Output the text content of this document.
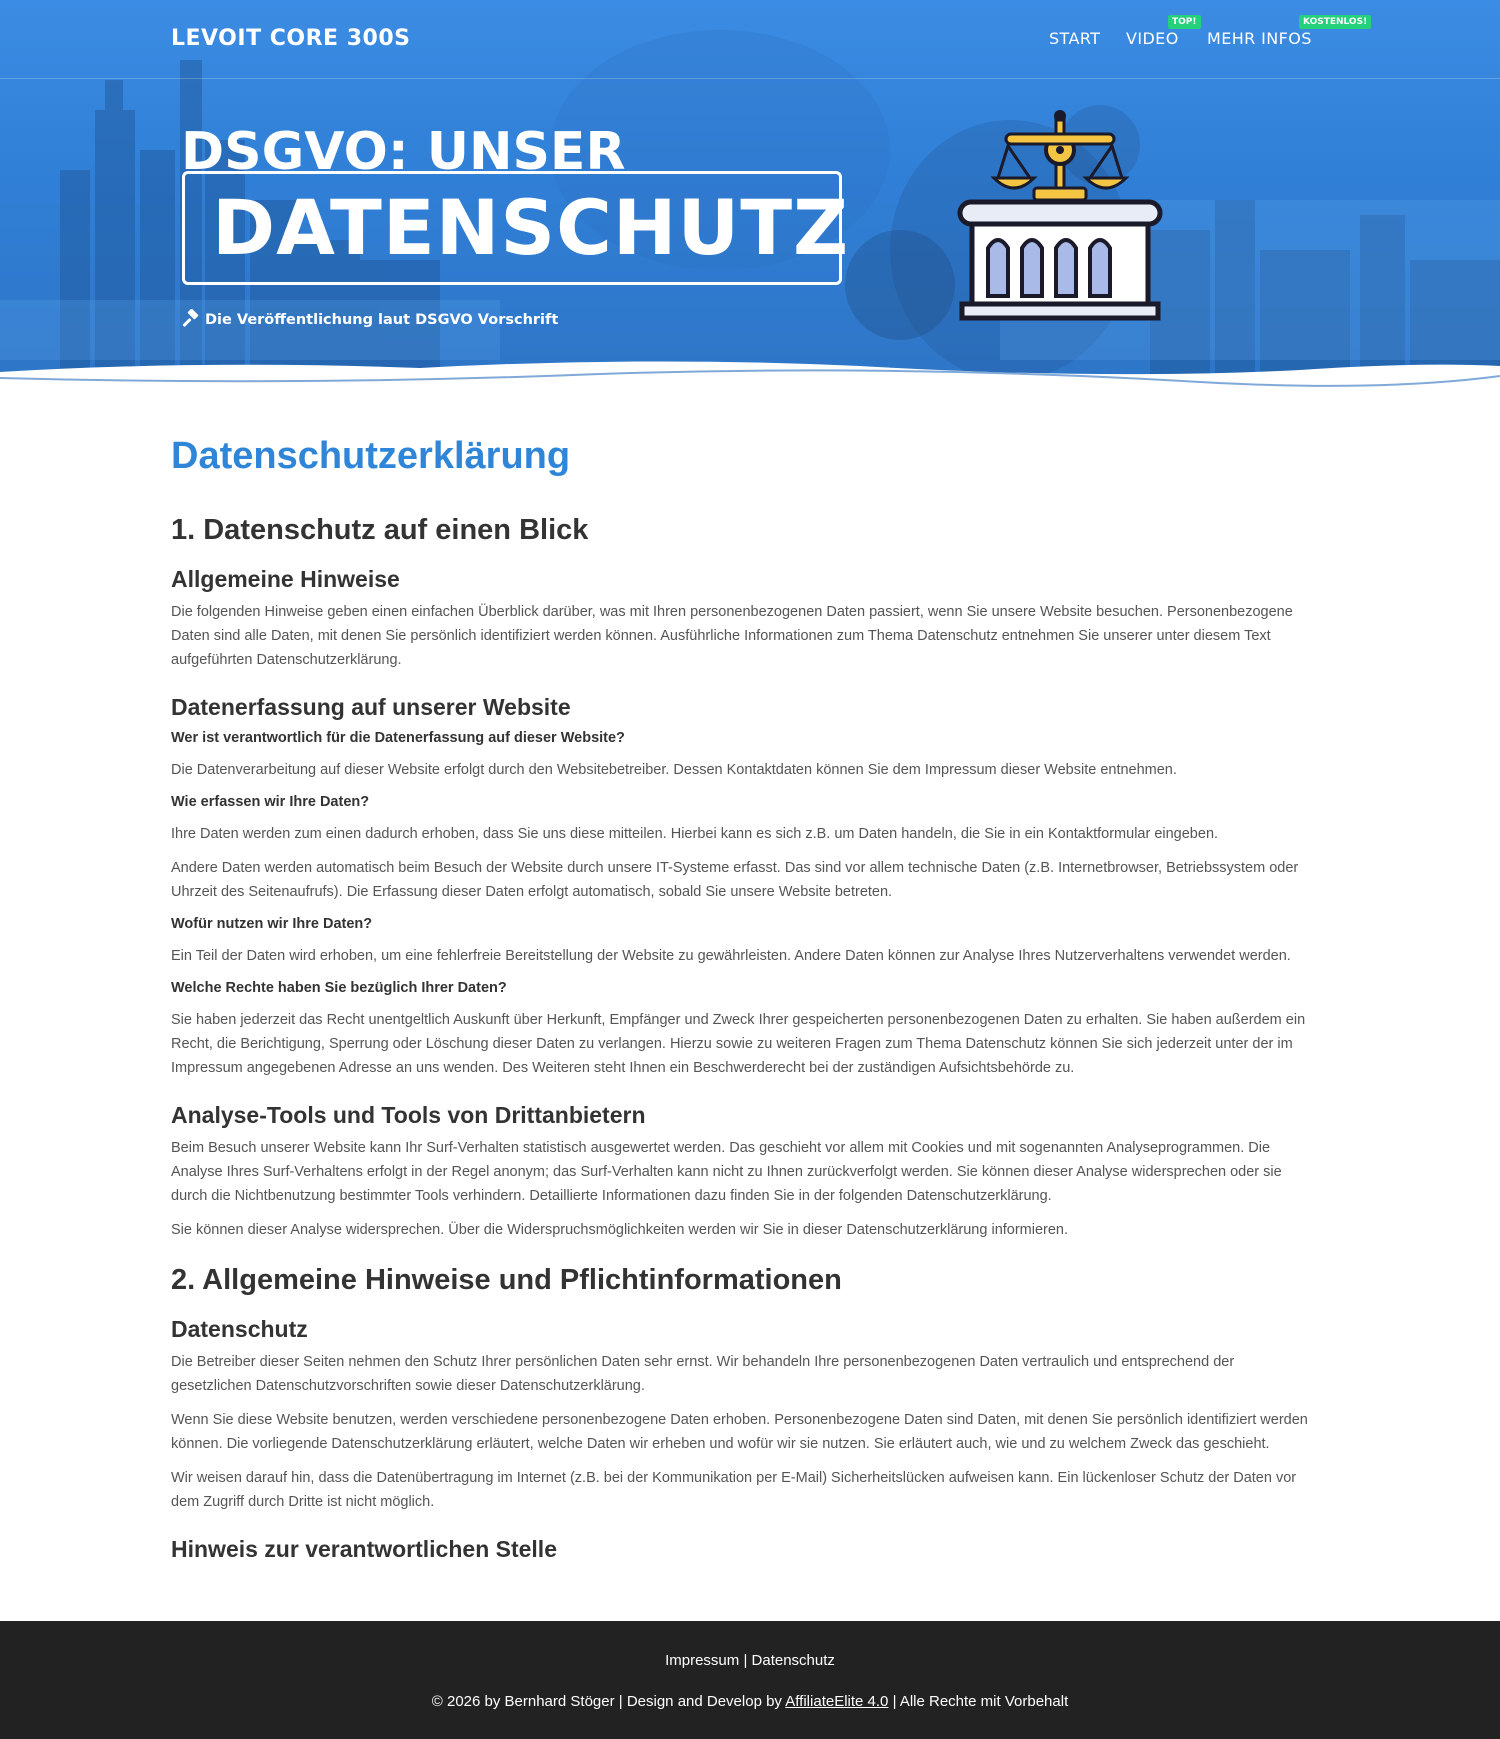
LEVOIT CORE 300S	START VIDEO
TOP!
MEHR INFOS
KOSTENLOS!
DSGVO: UNSER
DATENSCHUTZ
Die Veröffentlichung laut DSGVO Vorschrift
Datenschutzerklärung
1. Datenschutz auf einen Blick
Allgemeine Hinweise

Die folgenden Hinweise geben einen einfachen Überblick darüber, was mit Ihren personenbezogenen Daten passiert, wenn Sie unsere Website besuchen. Personenbezogene Daten sind alle Daten, mit denen Sie persönlich identifiziert werden können. Ausführliche Informationen zum Thema Datenschutz entnehmen Sie unserer unter diesem Text aufgeführten Datenschutzerklärung.

Datenerfassung auf unserer Website

Wer ist verantwortlich für die Datenerfassung auf dieser Website?

Die Datenverarbeitung auf dieser Website erfolgt durch den Websitebetreiber. Dessen Kontaktdaten können Sie dem Impressum dieser Website entnehmen.

Wie erfassen wir Ihre Daten?

Ihre Daten werden zum einen dadurch erhoben, dass Sie uns diese mitteilen. Hierbei kann es sich z.B. um Daten handeln, die Sie in ein Kontaktformular eingeben.

Andere Daten werden automatisch beim Besuch der Website durch unsere IT-Systeme erfasst. Das sind vor allem technische Daten (z.B. Internetbrowser, Betriebssystem oder Uhrzeit des Seitenaufrufs). Die Erfassung dieser Daten erfolgt automatisch, sobald Sie unsere Website betreten.

Wofür nutzen wir Ihre Daten?

Ein Teil der Daten wird erhoben, um eine fehlerfreie Bereitstellung der Website zu gewährleisten. Andere Daten können zur Analyse Ihres Nutzerverhaltens verwendet werden.

Welche Rechte haben Sie bezüglich Ihrer Daten?

Sie haben jederzeit das Recht unentgeltlich Auskunft über Herkunft, Empfänger und Zweck Ihrer gespeicherten personenbezogenen Daten zu erhalten. Sie haben außerdem ein Recht, die Berichtigung, Sperrung oder Löschung dieser Daten zu verlangen. Hierzu sowie zu weiteren Fragen zum Thema Datenschutz können Sie sich jederzeit unter der im Impressum angegebenen Adresse an uns wenden. Des Weiteren steht Ihnen ein Beschwerderecht bei der zuständigen Aufsichtsbehörde zu.

Analyse-Tools und Tools von Drittanbietern

Beim Besuch unserer Website kann Ihr Surf-Verhalten statistisch ausgewertet werden. Das geschieht vor allem mit Cookies und mit sogenannten Analyseprogrammen. Die Analyse Ihres Surf-Verhaltens erfolgt in der Regel anonym; das Surf-Verhalten kann nicht zu Ihnen zurückverfolgt werden. Sie können dieser Analyse widersprechen oder sie durch die Nichtbenutzung bestimmter Tools verhindern. Detaillierte Informationen dazu finden Sie in der folgenden Datenschutzerklärung.

Sie können dieser Analyse widersprechen. Über die Widerspruchsmöglichkeiten werden wir Sie in dieser Datenschutzerklärung informieren.

2. Allgemeine Hinweise und Pflichtinformationen
Datenschutz

Die Betreiber dieser Seiten nehmen den Schutz Ihrer persönlichen Daten sehr ernst. Wir behandeln Ihre personenbezogenen Daten vertraulich und entsprechend der gesetzlichen Datenschutzvorschriften sowie dieser Datenschutzerklärung.

Wenn Sie diese Website benutzen, werden verschiedene personenbezogene Daten erhoben. Personenbezogene Daten sind Daten, mit denen Sie persönlich identifiziert werden können. Die vorliegende Datenschutzerklärung erläutert, welche Daten wir erheben und wofür wir sie nutzen. Sie erläutert auch, wie und zu welchem Zweck das geschieht.

Wir weisen darauf hin, dass die Datenübertragung im Internet (z.B. bei der Kommunikation per E-Mail) Sicherheitslücken aufweisen kann. Ein lückenloser Schutz der Daten vor dem Zugriff durch Dritte ist nicht möglich.

Hinweis zur verantwortlichen Stelle
Impressum | Datenschutz
© 2026 by Bernhard Stöger | Design and Develop by AffiliateElite 4.0 | Alle Rechte mit Vorbehalt
